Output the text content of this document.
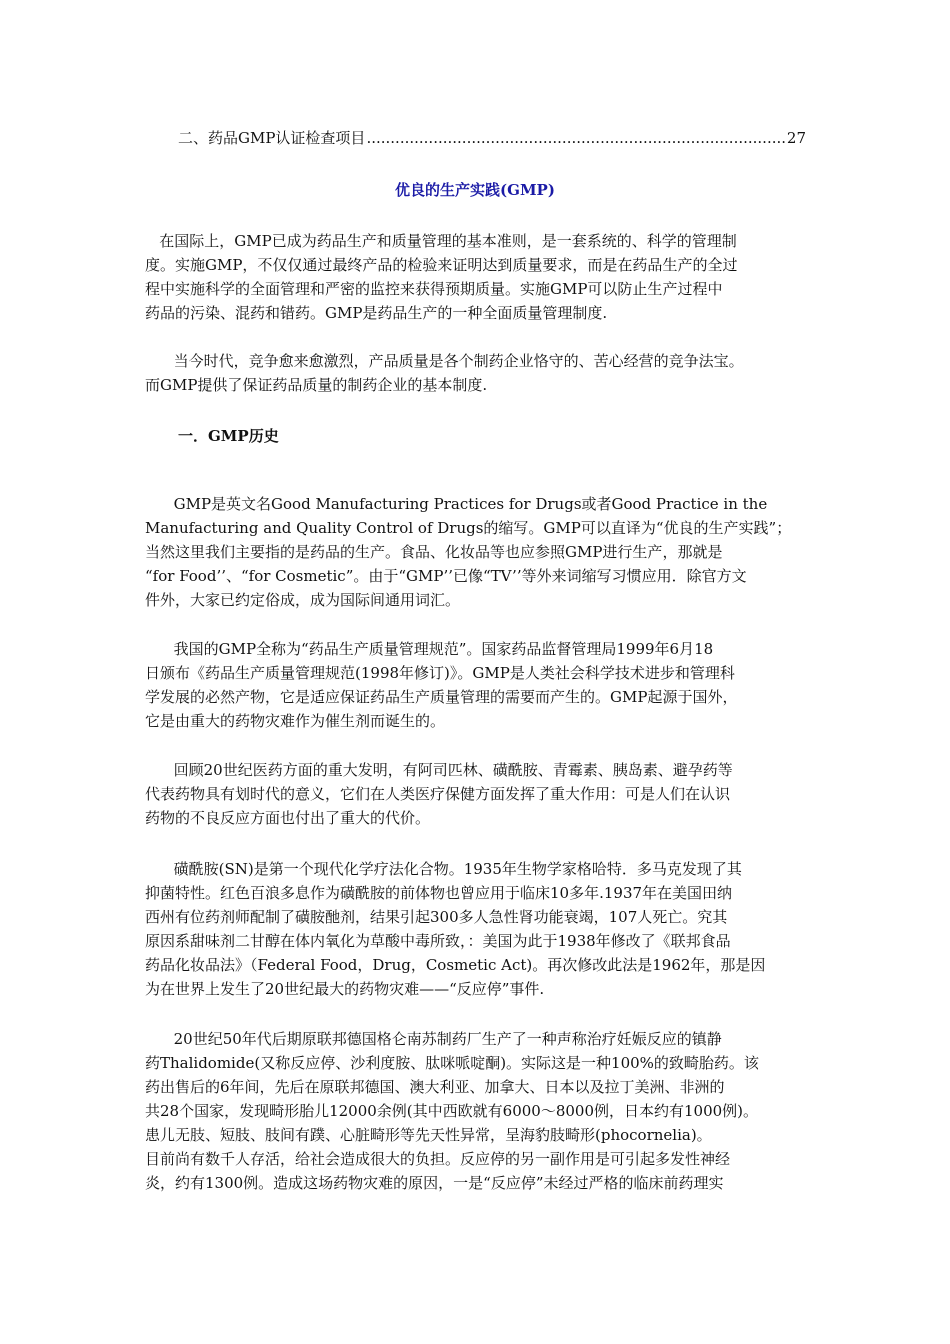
二、药品GMP认证检查项目
.....	27
优良的生产实践(GMP)
在国际上，GMP已成为药品生产和质量管理的基本准则，是一套系统的、科学的管理制
度。实施GMP，不仅仅通过最终产品的检验来证明达到质量要求，而是在药品生产的全过
程中实施科学的全面管理和严密的监控来获得预期质量。实施GMP可以防止生产过程中
药品的污染、混药和错药。GMP是药品生产的一种全面质量管理制度.
当今时代，竞争愈来愈激烈，产品质量是各个制药企业恪守的、苦心经营的竞争法宝。
而GMP提供了保证药品质量的制药企业的基本制度.
一．GMP历史
GMP是英文名Good Manufacturing Practices for Drugs或者Good Practice in the
Manufacturing and Quality Control of Drugs的缩写。GMP可以直译为“优良的生产实践”；
当然这里我们主要指的是药品的生产。食品、化妆品等也应参照GMP进行生产，那就是
“for Food’’、“for Cosmetic”。由于“GMP’’已像“TV’’等外来词缩写习惯应用．除官方文
件外，大家已约定俗成，成为国际间通用词汇。
我国的GMP全称为“药品生产质量管理规范”。国家药品监督管理局1999年6月18
日颁布《药品生产质量管理规范(1998年修订)》。GMP是人类社会科学技术进步和管理科
学发展的必然产物，它是适应保证药品生产质量管理的需要而产生的。GMP起源于国外，
它是由重大的药物灾难作为催生剂而诞生的。
回顾20世纪医药方面的重大发明，有阿司匹林、磺酰胺、青霉素、胰岛素、避孕药等
代表药物具有划时代的意义，它们在人类医疗保健方面发挥了重大作用：可是人们在认识
药物的不良反应方面也付出了重大的代价。
磺酰胺(SN)是第一个现代化学疗法化合物。1935年生物学家格哈特．多马克发现了其
抑菌特性。红色百浪多息作为磺酰胺的前体物也曾应用于临床10多年.1937年在美国田纳
西州有位药剂师配制了磺胺酏剂，结果引起300多人急性肾功能衰竭，107人死亡。究其
原因系甜味剂二甘醇在体内氧化为草酸中毒所致，：美国为此于1938年修改了《联邦食品
药品化妆品法》（Federal Food，Drug，Cosmetic Act)。再次修改此法是1962年，那是因
为在世界上发生了20世纪最大的药物灾难——“反应停”事件.
20世纪50年代后期原联邦德国格仑南苏制药厂生产了一种声称治疗妊娠反应的镇静
药Thalidomide(又称反应停、沙利度胺、肽咪哌啶酮)。实际这是一种100%的致畸胎药。该
药出售后的6年间，先后在原联邦德国、澳大利亚、加拿大、日本以及拉丁美洲、非洲的
共28个国家，发现畸形胎儿12000余例(其中西欧就有6000～8000例，日本约有1000例)。
患儿无肢、短肢、肢间有蹼、心脏畸形等先天性异常，呈海豹肢畸形(phocornelia)。
目前尚有数千人存活，给社会造成很大的负担。反应停的另一副作用是可引起多发性神经
炎，约有1300例。造成这场药物灾难的原因，一是“反应停”未经过严格的临床前药理实
